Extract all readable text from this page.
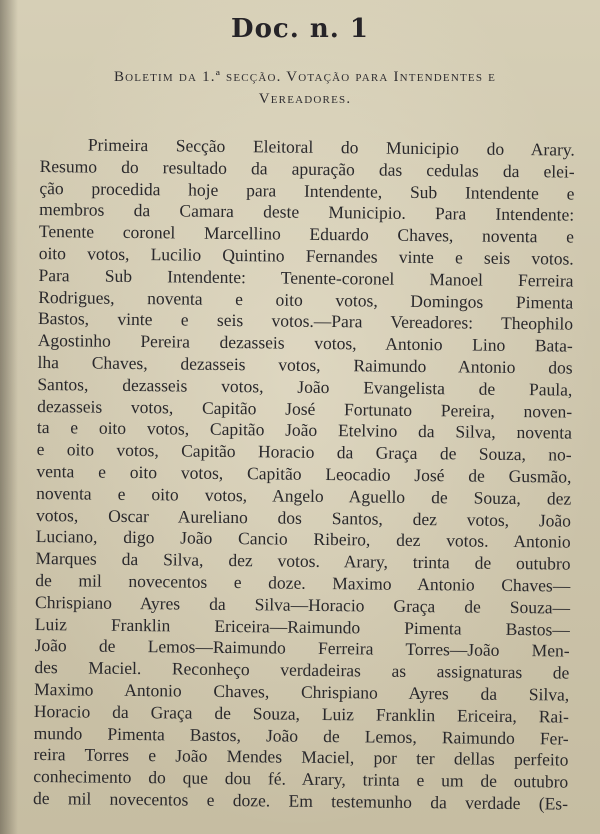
Doc. n. 1
Boletim da 1.ª secção. Votação para Intendentes e
Vereadores.
Primeira Secção Eleitoral do Municipio do Arary.
Resumo do resultado da apuração das cedulas da elei-
ção procedida hoje para Intendente, Sub Intendente e
membros da Camara deste Municipio. Para Intendente:
Tenente coronel Marcellino Eduardo Chaves, noventa e
oito votos, Lucilio Quintino Fernandes vinte e seis votos.
Para Sub Intendente: Tenente-coronel Manoel Ferreira
Rodrigues, noventa e oito votos, Domingos Pimenta
Bastos, vinte e seis votos.—Para Vereadores: Theophilo
Agostinho Pereira dezasseis votos, Antonio Lino Bata-
lha Chaves, dezasseis votos, Raimundo Antonio dos
Santos, dezasseis votos, João Evangelista de Paula,
dezasseis votos, Capitão José Fortunato Pereira, noven-
ta e oito votos, Capitão João Etelvino da Silva, noventa
e oito votos, Capitão Horacio da Graça de Souza, no-
venta e oito votos, Capitão Leocadio José de Gusmão,
noventa e oito votos, Angelo Aguello de Souza, dez
votos, Oscar Aureliano dos Santos, dez votos, João
Luciano, digo João Cancio Ribeiro, dez votos. Antonio
Marques da Silva, dez votos. Arary, trinta de outubro
de mil novecentos e doze. Maximo Antonio Chaves—
Chrispiano Ayres da Silva—Horacio Graça de Souza—
Luiz Franklin Ericeira—Raimundo Pimenta Bastos—
João de Lemos—Raimundo Ferreira Torres—João Men-
des Maciel. Reconheço verdadeiras as assignaturas de
Maximo Antonio Chaves, Chrispiano Ayres da Silva,
Horacio da Graça de Souza, Luiz Franklin Ericeira, Rai-
mundo Pimenta Bastos, João de Lemos, Raimundo Fer-
reira Torres e João Mendes Maciel, por ter dellas perfeito
conhecimento do que dou fé. Arary, trinta e um de outubro
de mil novecentos e doze. Em testemunho da verdade (Es-
